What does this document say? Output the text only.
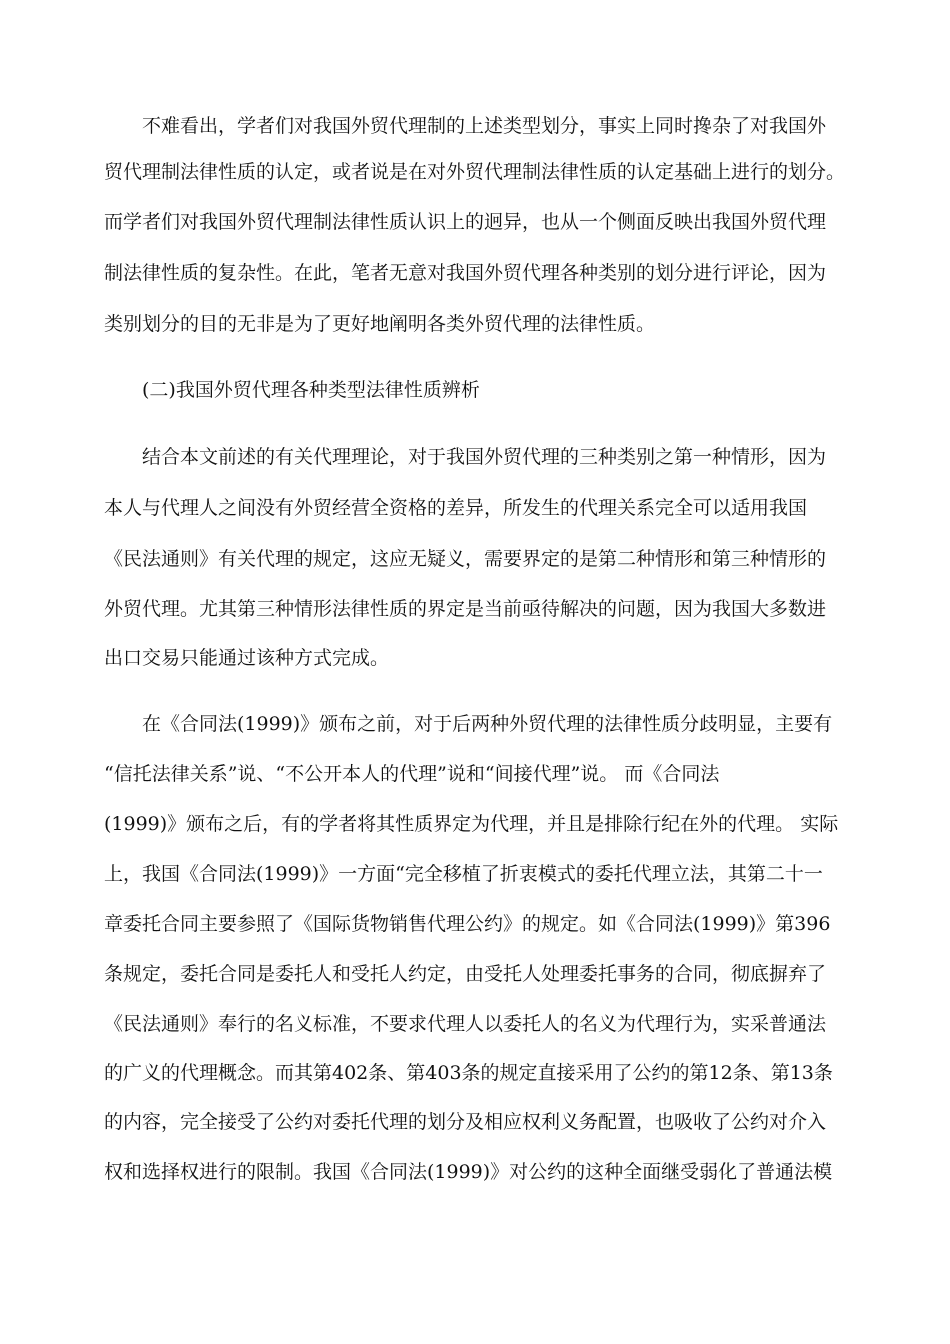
不难看出，学者们对我国外贸代理制的上述类型划分，事实上同时搀杂了对我国外
贸代理制法律性质的认定，或者说是在对外贸代理制法律性质的认定基础上进行的划分。
而学者们对我国外贸代理制法律性质认识上的迥异，也从一个侧面反映出我国外贸代理
制法律性质的复杂性。在此，笔者无意对我国外贸代理各种类别的划分进行评论，因为
类别划分的目的无非是为了更好地阐明各类外贸代理的法律性质。
(二)我国外贸代理各种类型法律性质辨析
结合本文前述的有关代理理论，对于我国外贸代理的三种类别之第一种情形，因为
本人与代理人之间没有外贸经营全资格的差异，所发生的代理关系完全可以适用我国
《民法通则》有关代理的规定，这应无疑义，需要界定的是第二种情形和第三种情形的
外贸代理。尤其第三种情形法律性质的界定是当前亟待解决的问题，因为我国大多数进
出口交易只能通过该种方式完成。
在《合同法(1999)》颁布之前，对于后两种外贸代理的法律性质分歧明显，主要有
“信托法律关系”说、“不公开本人的代理”说和“间接代理”说。 而《合同法
(1999)》颁布之后，有的学者将其性质界定为代理，并且是排除行纪在外的代理。 实际
上，我国《合同法(1999)》一方面“完全移植了折衷模式的委托代理立法，其第二十一
章委托合同主要参照了《国际货物销售代理公约》的规定。如《合同法(1999)》第396
条规定，委托合同是委托人和受托人约定，由受托人处理委托事务的合同，彻底摒弃了
《民法通则》奉行的名义标准，不要求代理人以委托人的名义为代理行为，实采普通法
的广义的代理概念。而其第402条、第403条的规定直接采用了公约的第12条、第13条
的内容，完全接受了公约对委托代理的划分及相应权利义务配置，也吸收了公约对介入
权和选择权进行的限制。我国《合同法(1999)》对公约的这种全面继受弱化了普通法模
